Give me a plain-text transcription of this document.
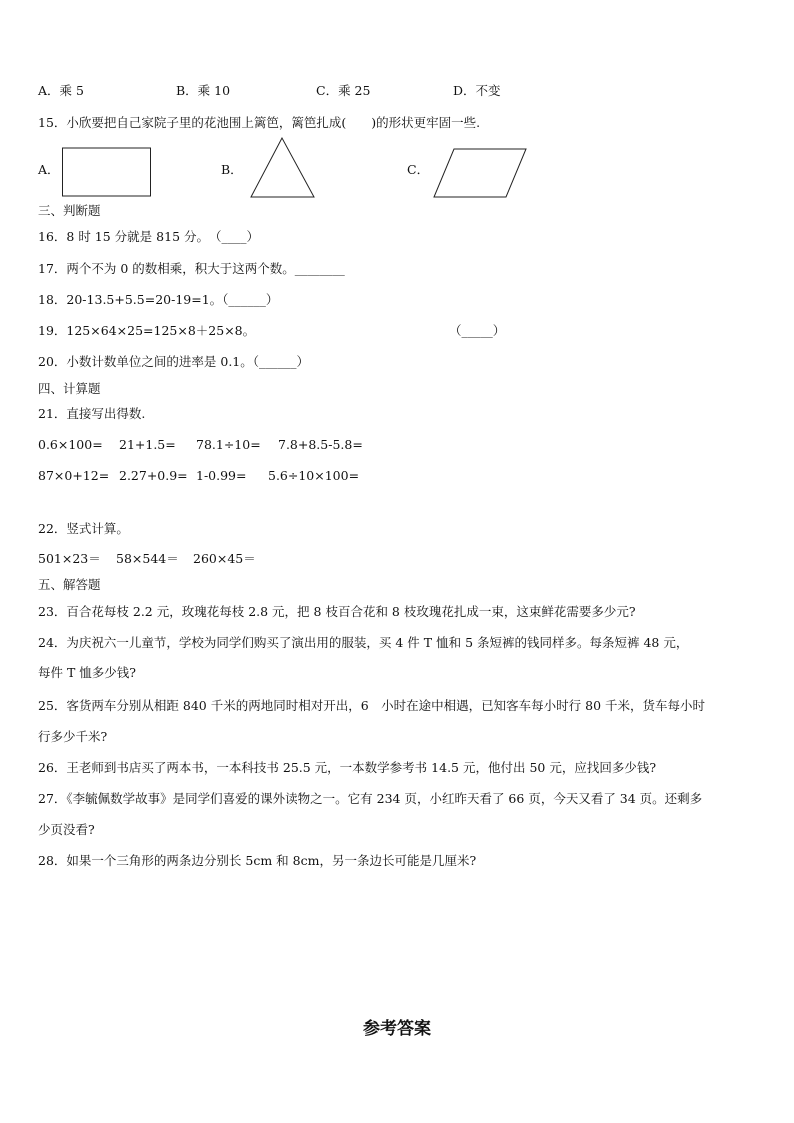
A．乘 5	B．乘 10	C．乘 25	D．不变
15．小欣要把自己家院子里的花池围上篱笆，篱笆扎成(　　)的形状更牢固一些.
A．	B．	C．
三、判断题
16．8 时 15 分就是 815 分。　（____）
17．两个不为 0 的数相乘，积大于这两个数。________
18．20-13.5+5.5=20-19=1。（______）
19．125×64×25=125×8＋25×8。	（_____）
20．小数计数单位之间的进率是 0.1。（______）
四、计算题
21．直接写出得数.
0.6×100= 21+1.5= 78.1÷10= 7.8+8.5-5.8=
87×0+12= 2.27+0.9= 1-0.99= 5.6÷10×100=
22．竖式计算。
501×23＝ 58×544＝ 260×45＝
五、解答题
23．百合花每枝 2.2 元，玫瑰花每枝 2.8 元，把 8 枝百合花和 8 枝玫瑰花扎成一束，这束鲜花需要多少元?
24．为庆祝六一儿童节，学校为同学们购买了演出用的服装，买 4 件 T 恤和 5 条短裤的钱同样多。每条短裤 48 元，
每件 T 恤多少钱?
25．客货两车分别从相距 840 千米的两地同时相对开出，6　小时在途中相遇，已知客车每小时行 80 千米，货车每小时
行多少千米?
26．王老师到书店买了两本书，一本科技书 25.5 元，一本数学参考书 14.5 元，他付出 50 元，应找回多少钱?
27．《李毓佩数学故事》是同学们喜爱的课外读物之一。它有 234 页，小红昨天看了 66 页，今天又看了 34 页。还剩多
少页没看?
28．如果一个三角形的两条边分别长 5cm 和 8cm，另一条边长可能是几厘米?
参考答案
